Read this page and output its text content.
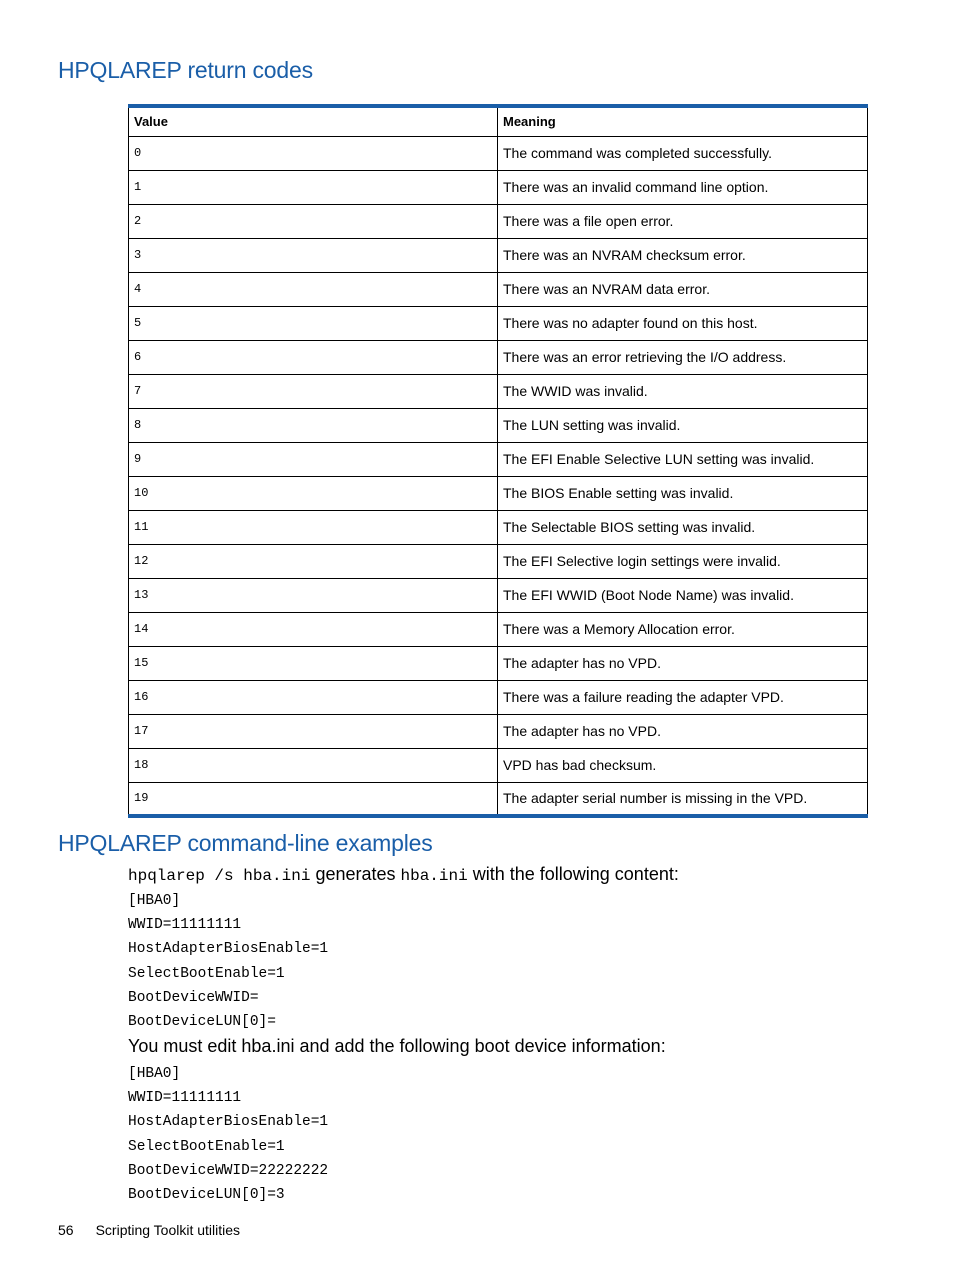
HPQLAREP return codes
Value	Meaning
0	The command was completed successfully.
1	There was an invalid command line option.
2	There was a file open error.
3	There was an NVRAM checksum error.
4	There was an NVRAM data error.
5	There was no adapter found on this host.
6	There was an error retrieving the I/O address.
7	The WWID was invalid.
8	The LUN setting was invalid.
9	The EFI Enable Selective LUN setting was invalid.
10	The BIOS Enable setting was invalid.
11	The Selectable BIOS setting was invalid.
12	The EFI Selective login settings were invalid.
13	The EFI WWID (Boot Node Name) was invalid.
14	There was a Memory Allocation error.
15	The adapter has no VPD.
16	There was a failure reading the adapter VPD.
17	The adapter has no VPD.
18	VPD has bad checksum.
19	The adapter serial number is missing in the VPD.
HPQLAREP command-line examples

hpqlarep /s hba.ini generates hba.ini with the following content:

[HBA0]
WWID=11111111
HostAdapterBiosEnable=1
SelectBootEnable=1
BootDeviceWWID=
BootDeviceLUN[0]=

You must edit hba.ini and add the following boot device information:

[HBA0]
WWID=11111111
HostAdapterBiosEnable=1
SelectBootEnable=1
BootDeviceWWID=22222222
BootDeviceLUN[0]=3
56 Scripting Toolkit utilities
